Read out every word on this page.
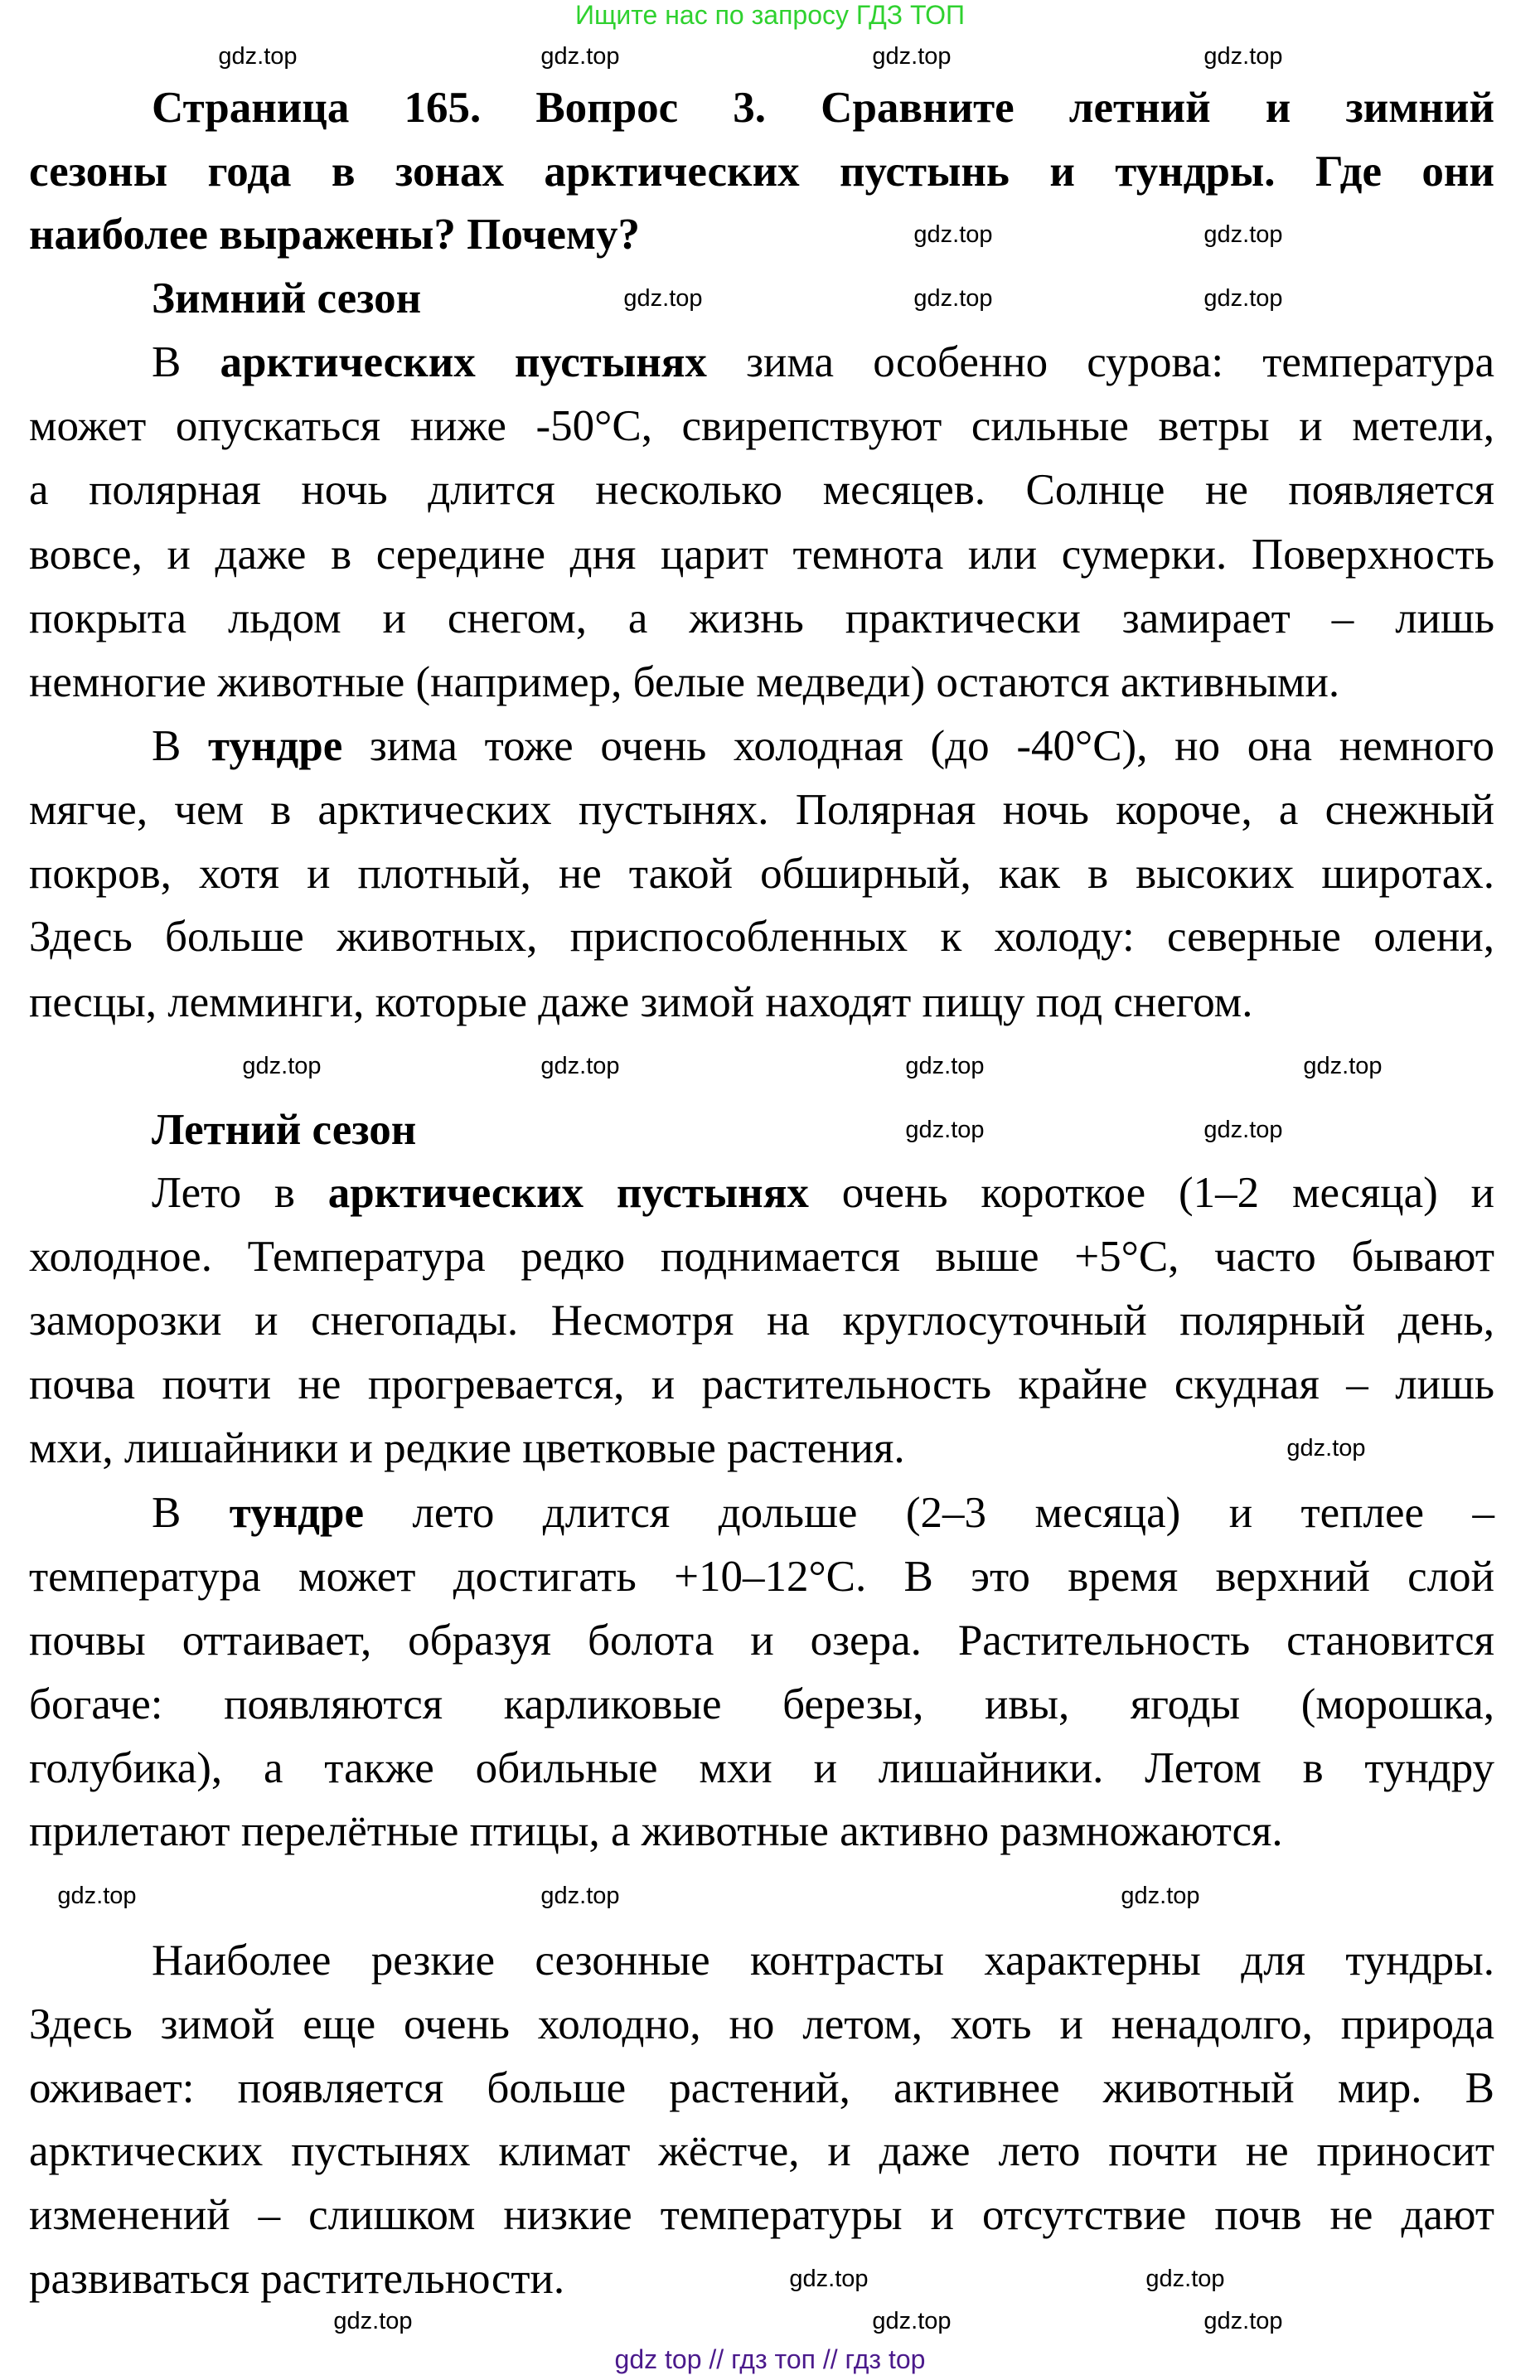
Ищите нас по запросу ГДЗ ТОП
Страница 165. Вопрос 3. Сравните летний и зимний
сезоны года в зонах арктических пустынь и тундры. Где они
наиболее выражены? Почему?
Зимний сезон
В арктических пустынях зима особенно сурова: температура
может опускаться ниже -50°C, свирепствуют сильные ветры и метели,
а полярная ночь длится несколько месяцев. Солнце не появляется
вовсе, и даже в середине дня царит темнота или сумерки. Поверхность
покрыта льдом и снегом, а жизнь практически замирает – лишь
немногие животные (например, белые медведи) остаются активными.
В тундре зима тоже очень холодная (до -40°C), но она немного
мягче, чем в арктических пустынях. Полярная ночь короче, а снежный
покров, хотя и плотный, не такой обширный, как в высоких широтах.
Здесь больше животных, приспособленных к холоду: северные олени,
песцы, лемминги, которые даже зимой находят пищу под снегом.
Летний сезон
Лето в арктических пустынях очень короткое (1–2 месяца) и
холодное. Температура редко поднимается выше +5°C, часто бывают
заморозки и снегопады. Несмотря на круглосуточный полярный день,
почва почти не прогревается, и растительность крайне скудная – лишь
мхи, лишайники и редкие цветковые растения.
В тундре лето длится дольше (2–3 месяца) и теплее –
температура может достигать +10–12°C. В это время верхний слой
почвы оттаивает, образуя болота и озера. Растительность становится
богаче: появляются карликовые березы, ивы, ягоды (морошка,
голубика), а также обильные мхи и лишайники. Летом в тундру
прилетают перелётные птицы, а животные активно размножаются.
Наиболее резкие сезонные контрасты характерны для тундры.
Здесь зимой еще очень холодно, но летом, хоть и ненадолго, природа
оживает: появляется больше растений, активнее животный мир. В
арктических пустынях климат жёстче, и даже лето почти не приносит
изменений – слишком низкие температуры и отсутствие почв не дают
развиваться растительности.
gdz.top	gdz.top	gdz.top	gdz.top
gdz.top	gdz.top
gdz.top	gdz.top	gdz.top
gdz.top	gdz.top	gdz.top	gdz.top
gdz.top	gdz.top
gdz.top
gdz.top	gdz.top	gdz.top
gdz.top	gdz.top
gdz.top	gdz.top	gdz.top
gdz top // гдз топ // гдз top
